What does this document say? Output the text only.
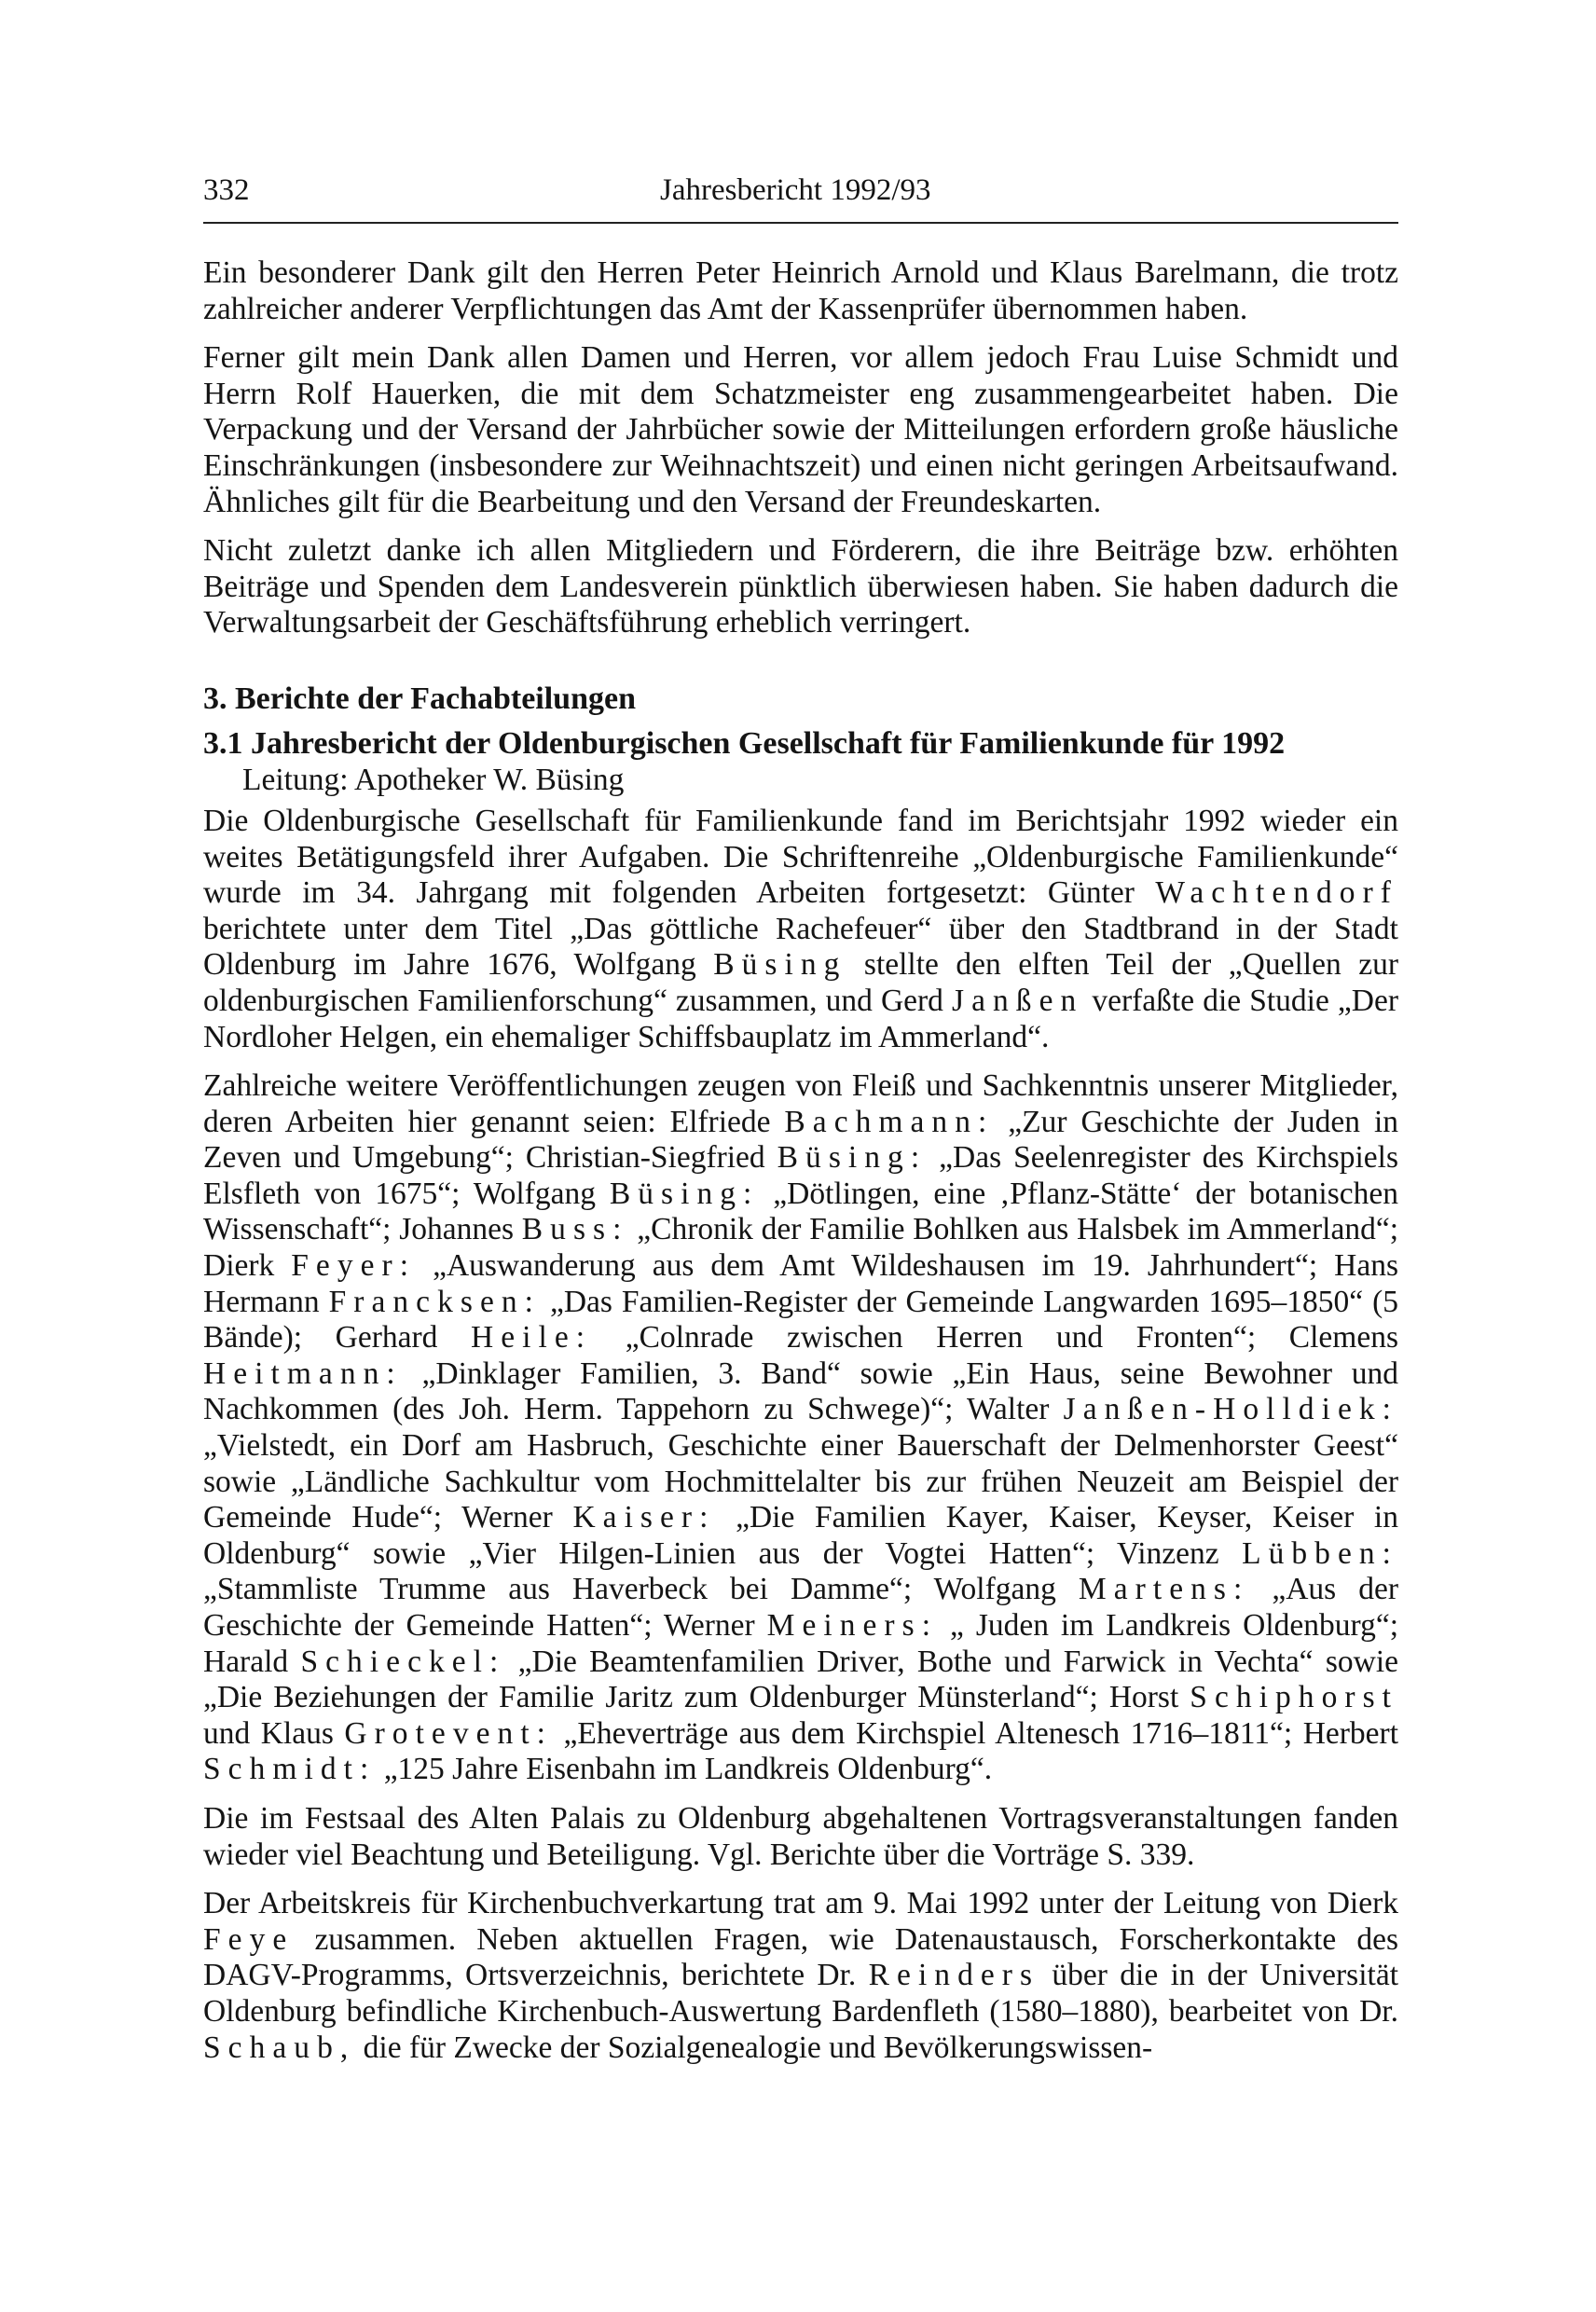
332	Jahresbericht 1992/93

Ein besonderer Dank gilt den Herren Peter Heinrich Arnold und Klaus Barelmann, die trotz zahlreicher anderer Verpflichtungen das Amt der Kassenprüfer übernommen haben.

Ferner gilt mein Dank allen Damen und Herren, vor allem jedoch Frau Luise Schmidt und Herrn Rolf Hauerken, die mit dem Schatzmeister eng zusammengearbeitet haben. Die Verpackung und der Versand der Jahrbücher sowie der Mitteilungen erfordern große häusliche Einschränkungen (insbesondere zur Weihnachtszeit) und einen nicht geringen Arbeitsaufwand. Ähnliches gilt für die Bearbeitung und den Versand der Freundeskarten.

Nicht zuletzt danke ich allen Mitgliedern und Förderern, die ihre Beiträge bzw. erhöhten Beiträge und Spenden dem Landesverein pünktlich überwiesen haben. Sie haben dadurch die Verwaltungsarbeit der Geschäftsführung erheblich verringert.

3. Berichte der Fachabteilungen
3.1 Jahresbericht der Oldenburgischen Gesellschaft für Familienkunde für 1992
Leitung: Apotheker W. Büsing

Die Oldenburgische Gesellschaft für Familienkunde fand im Berichtsjahr 1992 wieder ein weites Betätigungsfeld ihrer Aufgaben. Die Schriftenreihe „Oldenburgische Familienkunde“ wurde im 34. Jahrgang mit folgenden Arbeiten fortgesetzt: Günter Wachtendorf berichtete unter dem Titel „Das göttliche Rachefeuer“ über den Stadtbrand in der Stadt Oldenburg im Jahre 1676, Wolfgang Büsing stellte den elften Teil der „Quellen zur oldenburgischen Familienforschung“ zusammen, und Gerd Janßen verfaßte die Studie „Der Nordloher Helgen, ein ehemaliger Schiffsbauplatz im Ammerland“.

Zahlreiche weitere Veröffentlichungen zeugen von Fleiß und Sachkenntnis unserer Mitglieder, deren Arbeiten hier genannt seien: Elfriede Bachmann: „Zur Geschichte der Juden in Zeven und Umgebung“; Christian-Siegfried Büsing: „Das Seelenregister des Kirchspiels Elsfleth von 1675“; Wolfgang Büsing: „Dötlingen, eine ‚Pflanz-Stätte‘ der botanischen Wissenschaft“; Johannes Buss: „Chronik der Familie Bohlken aus Halsbek im Ammerland“; Dierk Feyer: „Auswanderung aus dem Amt Wildeshausen im 19. Jahrhundert“; Hans Hermann Francksen: „Das Familien-Register der Gemeinde Langwarden 1695–1850“ (5 Bände); Gerhard Heile: „Colnrade zwischen Herren und Fronten“; Clemens Heitmann: „Dinklager Familien, 3. Band“ sowie „Ein Haus, seine Bewohner und Nachkommen (des Joh. Herm. Tappehorn zu Schwege)“; Walter Janßen-Holldiek: „Vielstedt, ein Dorf am Hasbruch, Geschichte einer Bauerschaft der Delmenhorster Geest“ sowie „Ländliche Sachkultur vom Hochmittelalter bis zur frühen Neuzeit am Beispiel der Gemeinde Hude“; Werner Kaiser: „Die Familien Kayer, Kaiser, Keyser, Keiser in Oldenburg“ sowie „Vier Hilgen-Linien aus der Vogtei Hatten“; Vinzenz Lübben: „Stammliste Trumme aus Haverbeck bei Damme“; Wolfgang Martens: „Aus der Geschichte der Gemeinde Hatten“; Werner Meiners: „ Juden im Landkreis Oldenburg“; Harald Schieckel: „Die Beamtenfamilien Driver, Bothe und Farwick in Vechta“ sowie „Die Beziehungen der Familie Jaritz zum Oldenburger Münsterland“; Horst Schiphorst und Klaus Grotevent: „Eheverträge aus dem Kirchspiel Altenesch 1716–1811“; Herbert Schmidt: „125 Jahre Eisenbahn im Landkreis Oldenburg“.

Die im Festsaal des Alten Palais zu Oldenburg abgehaltenen Vortragsveranstaltungen fanden wieder viel Beachtung und Beteiligung. Vgl. Berichte über die Vorträge S. 339.

Der Arbeitskreis für Kirchenbuchverkartung trat am 9. Mai 1992 unter der Leitung von Dierk Feye zusammen. Neben aktuellen Fragen, wie Datenaustausch, Forscherkontakte des DAGV-Programms, Ortsverzeichnis, berichtete Dr. Reinders über die in der Universität Oldenburg befindliche Kirchenbuch-Auswertung Bardenfleth (1580–1880), bearbeitet von Dr. Schaub, die für Zwecke der Sozialgenealogie und Bevölkerungswissen-
